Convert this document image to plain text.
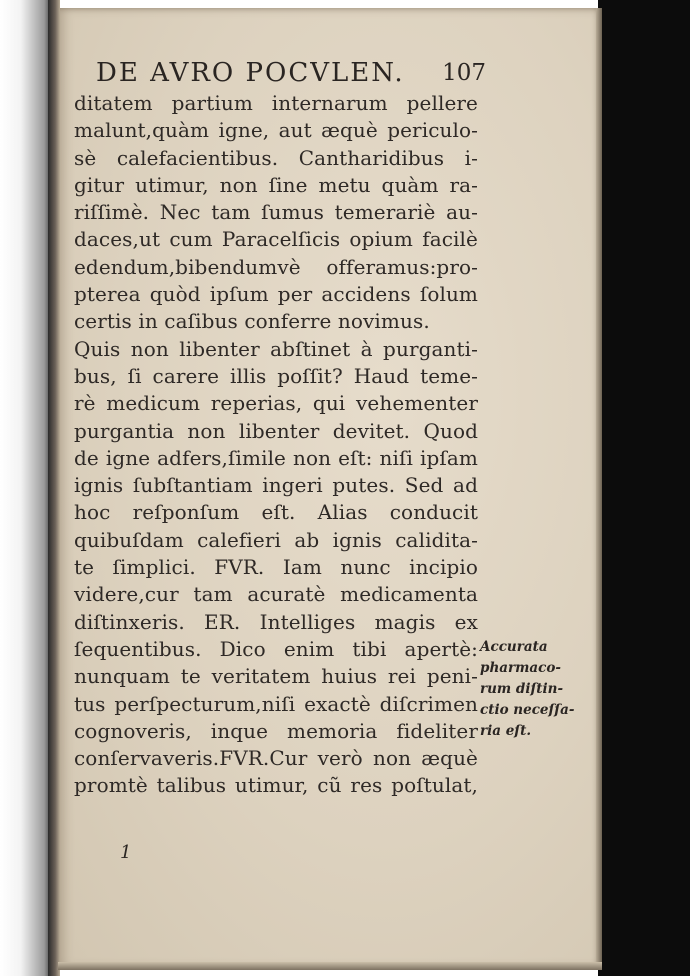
DE AVRO POCVLEN. 107
ditatem partium internarum pellere
malunt,quàm igne, aut æquè periculo-
sè calefacientibus. Cantharidibus i-
gitur utimur, non ſine metu quàm ra-
riſſimè. Nec tam ſumus temerariè au-
daces,ut cum Paracelſicis opium facilè
edendum,bibendumvè offeramus:pro-
pterea quòd ipſum per accidens ſolum
certis in caſibus conferre novimus.
Quis non libenter abſtinet à purganti-
bus, ſi carere illis poſſit? Haud teme-
rè medicum reperias, qui vehementer
purgantia non libenter devitet. Quod
de igne adfers,ſimile non eſt: niſi ipſam
ignis ſubſtantiam ingeri putes. Sed ad
hoc reſponſum eſt. Alias conducit
quibuſdam calefieri ab ignis calidita-
te ſimplici. FVR. Iam nunc incipio
videre,cur tam acuratè medicamenta
diſtinxeris. ER. Intelliges magis ex
ſequentibus. Dico enim tibi apertè:
nunquam te veritatem huius rei peni-
tus perſpecturum,niſi exactè diſcrimen
cognoveris, inque memoria fideliter
conſervaveris.FVR.Cur verò non æquè
promtè talibus utimur, cũ res poſtulat,
Accurata
pharmaco-
rum diſtin-
ctio neceſſa-
ria eſt.
1
